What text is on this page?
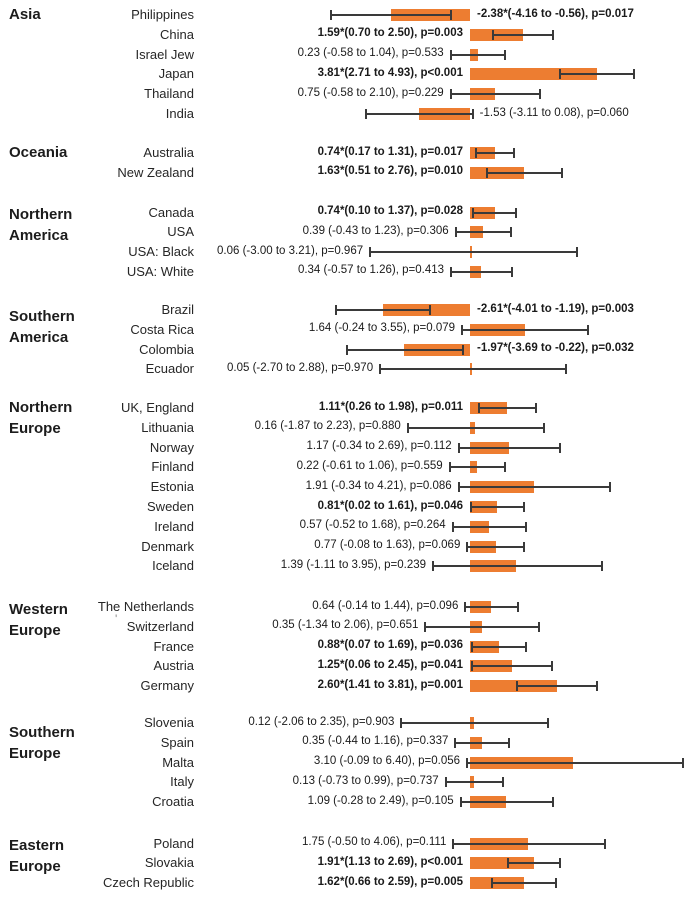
Asia	Philippines	-2.38*(-4.16 to -0.56), p=0.017
China	1.59*(0.70 to 2.50), p=0.003
Israel Jew	0.23 (-0.58 to 1.04), p=0.533
Japan	3.81*(2.71 to 4.93), p<0.001
Thailand	0.75 (-0.58 to 2.10), p=0.229
India	-1.53 (-3.11 to 0.08), p=0.060
Oceania	Australia	0.74*(0.17 to 1.31), p=0.017
New Zealand	1.63*(0.51 to 2.76), p=0.010
Northern
America
Canada	0.74*(0.10 to 1.37), p=0.028
USA	0.39 (-0.43 to 1.23), p=0.306
USA: Black 0.06 (-3.00 to 3.21), p=0.967
USA: White	0.34 (-0.57 to 1.26), p=0.413
Southern
America
Brazil	-2.61*(-4.01 to -1.19), p=0.003
Costa Rica	1.64 (-0.24 to 3.55), p=0.079
Colombia	-1.97*(-3.69 to -0.22), p=0.032
Ecuador	0.05 (-2.70 to 2.88), p=0.970
Northern
Europe
UK, England	1.11*(0.26 to 1.98), p=0.011
Lithuania	0.16 (-1.87 to 2.23), p=0.880
Norway	1.17 (-0.34 to 2.69), p=0.112
Finland	0.22 (-0.61 to 1.06), p=0.559
Estonia	1.91 (-0.34 to 4.21), p=0.086
Sweden	0.81*(0.02 to 1.61), p=0.046
Ireland	0.57 (-0.52 to 1.68), p=0.264
Denmark	0.77 (-0.08 to 1.63), p=0.069
Iceland	1.39 (-1.11 to 3.95), p=0.239
Western
Europe
The Netherlands	0.64 (-0.14 to 1.44), p=0.096
Switzerland	0.35 (-1.34 to 2.06), p=0.651
France	0.88*(0.07 to 1.69), p=0.036
Austria	1.25*(0.06 to 2.45), p=0.041
Germany	2.60*(1.41 to 3.81), p=0.001
Southern
Europe
Slovenia	0.12 (-2.06 to 2.35), p=0.903
Spain	0.35 (-0.44 to 1.16), p=0.337
Malta	3.10 (-0.09 to 6.40), p=0.056
Italy	0.13 (-0.73 to 0.99), p=0.737
Croatia	1.09 (-0.28 to 2.49), p=0.105
Eastern
Europe
Poland	1.75 (-0.50 to 4.06), p=0.111
Slovakia	1.91*(1.13 to 2.69), p<0.001
Czech Republic	1.62*(0.66 to 2.59), p=0.005
'
